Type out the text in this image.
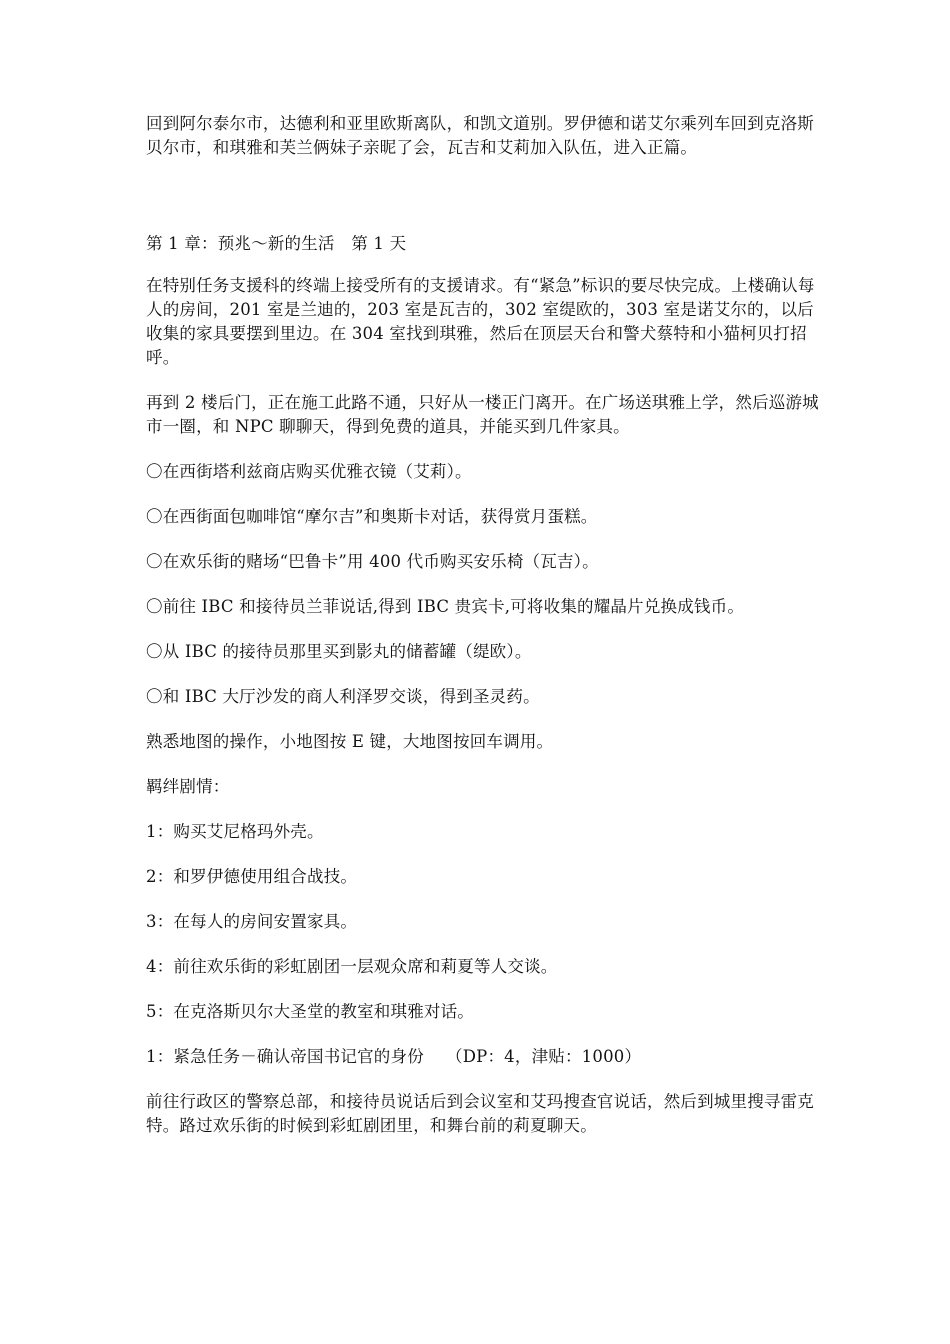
回到阿尔泰尔市，达德利和亚里欧斯离队，和凯文道别。罗伊德和诺艾尔乘列车回到克洛斯贝尔市，和琪雅和芙兰俩妹子亲昵了会，瓦吉和艾莉加入队伍，进入正篇。

第 1 章：预兆～新的生活　第 1 天

在特别任务支援科的终端上接受所有的支援请求。有“紧急”标识的要尽快完成。上楼确认每人的房间，201 室是兰迪的，203 室是瓦吉的，302 室缇欧的，303 室是诺艾尔的，以后收集的家具要摆到里边。在 304 室找到琪雅，然后在顶层天台和警犬蔡特和小猫柯贝打招呼。

再到 2 楼后门，正在施工此路不通，只好从一楼正门离开。在广场送琪雅上学，然后巡游城市一圈，和 NPC 聊聊天，得到免费的道具，并能买到几件家具。

〇在西街塔利兹商店购买优雅衣镜（艾莉）。

〇在西街面包咖啡馆“摩尔吉”和奥斯卡对话，获得赏月蛋糕。

〇在欢乐街的赌场“巴鲁卡”用 400 代币购买安乐椅（瓦吉）。

〇前往 IBC 和接待员兰菲说话,得到 IBC 贵宾卡,可将收集的耀晶片兑换成钱币。

〇从 IBC 的接待员那里买到影丸的储蓄罐（缇欧）。

〇和 IBC 大厅沙发的商人利泽罗交谈，得到圣灵药。

熟悉地图的操作，小地图按 E 键，大地图按回车调用。

羁绊剧情：

1：购买艾尼格玛外壳。

2：和罗伊德使用组合战技。

3：在每人的房间安置家具。

4：前往欢乐街的彩虹剧团一层观众席和莉夏等人交谈。

5：在克洛斯贝尔大圣堂的教室和琪雅对话。

1：紧急任务－确认帝国书记官的身份　 （DP：4，津贴：1000）

前往行政区的警察总部，和接待员说话后到会议室和艾玛搜查官说话，然后到城里搜寻雷克特。路过欢乐街的时候到彩虹剧团里，和舞台前的莉夏聊天。
